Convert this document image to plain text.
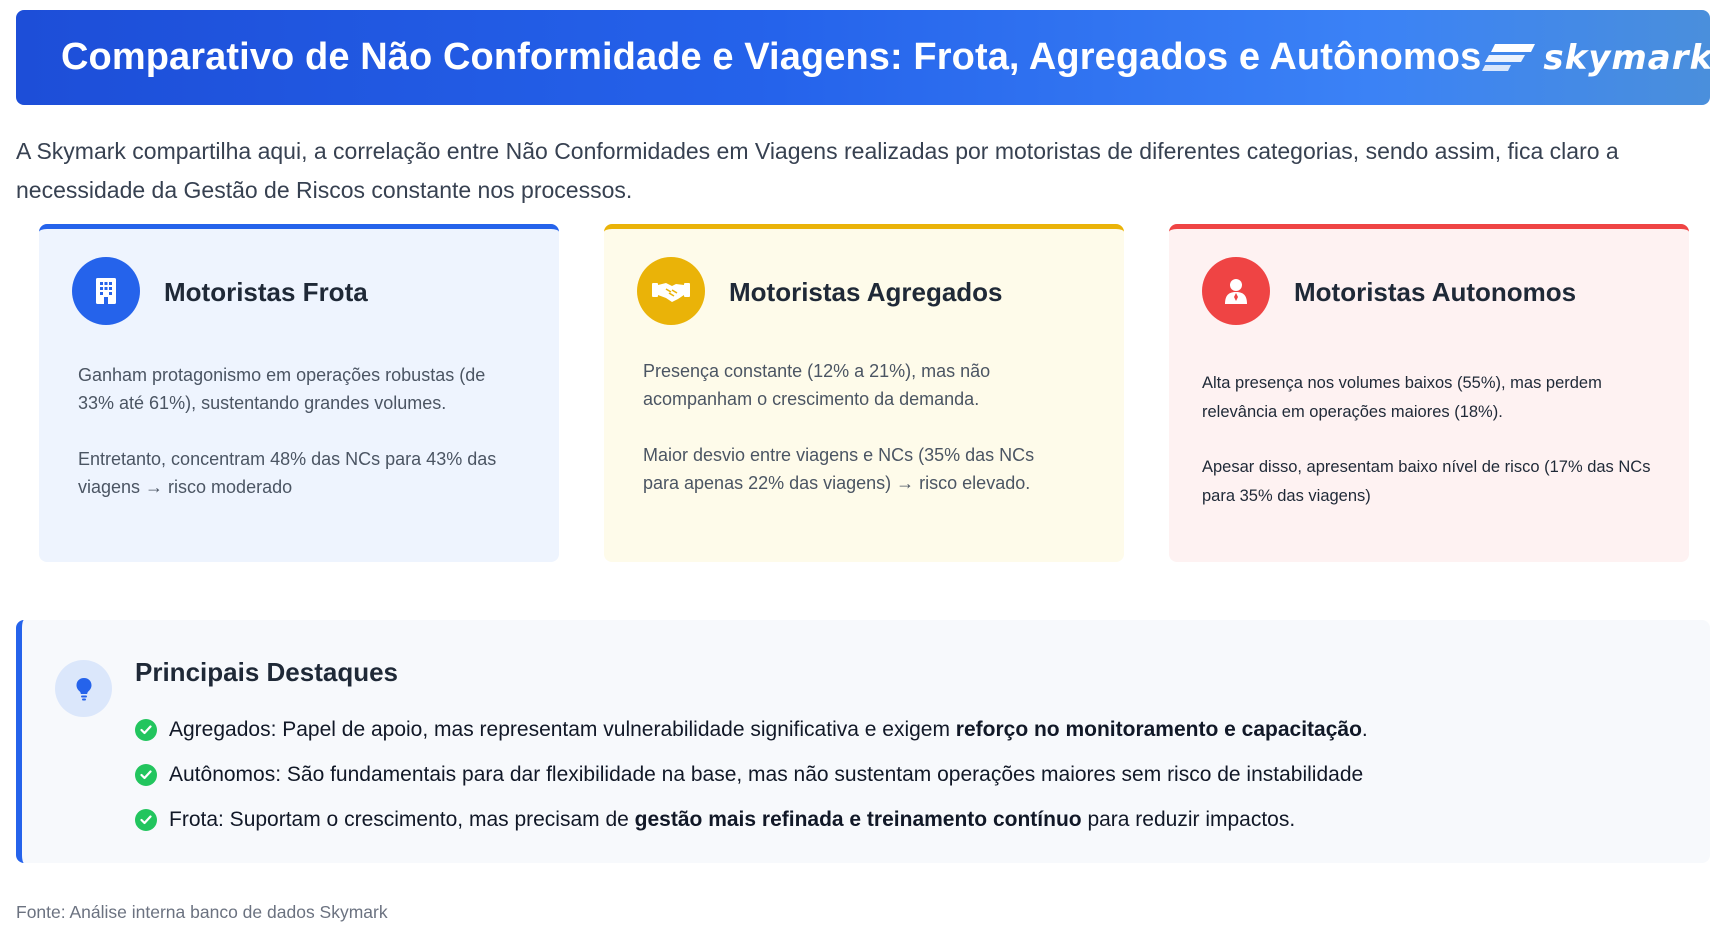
Comparativo de Não Conformidade e Viagens: Frota, Agregados e Autônomos skymark

A Skymark compartilha aqui, a correlação entre Não Conformidades em Viagens realizadas por motoristas de diferentes categorias, sendo assim, fica claro a necessidade da Gestão de Riscos constante nos processos.

Motoristas Frota

Ganham protagonismo em operações robustas (de 33% até 61%), sustentando grandes volumes.

Entretanto, concentram 48% das NCs para 43% das viagens → risco moderado

Motoristas Agregados

Presença constante (12% a 21%), mas não acompanham o crescimento da demanda.

Maior desvio entre viagens e NCs (35% das NCs para apenas 22% das viagens) → risco elevado.

Motoristas Autonomos

Alta presença nos volumes baixos (55%), mas perdem relevância em operações maiores (18%).

Apesar disso, apresentam baixo nível de risco (17% das NCs para 35% das viagens)

Principais Destaques
Agregados: Papel de apoio, mas representam vulnerabilidade significativa e exigem reforço no monitoramento e capacitação.
Autônomos: São fundamentais para dar flexibilidade na base, mas não sustentam operações maiores sem risco de instabilidade
Frota: Suportam o crescimento, mas precisam de gestão mais refinada e treinamento contínuo para reduzir impactos.

Fonte: Análise interna banco de dados Skymark
